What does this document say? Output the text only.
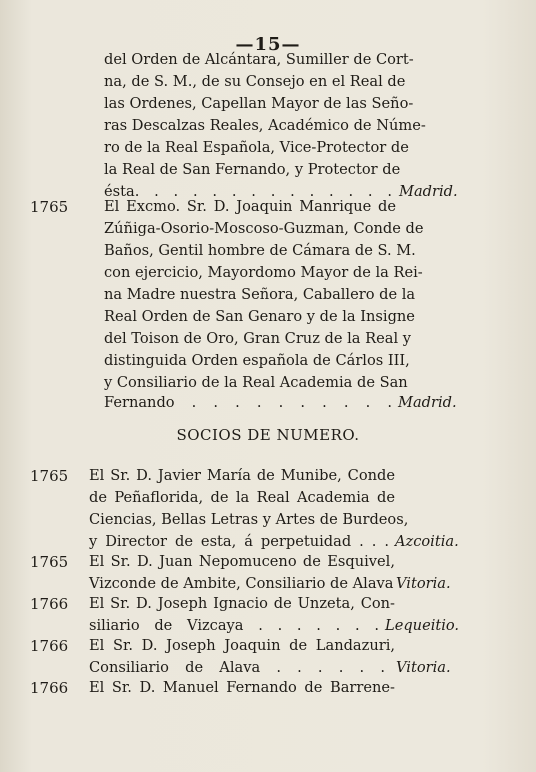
—15—
del Orden de Alcántara, Sumiller de Cort-
na, de S. M., de su Consejo en el Real de
las Ordenes, Capellan Mayor de las Seño-
ras Descalzas Reales, Académico de Núme-
ro de la Real Española, Vice-Protector de
la Real de San Fernando, y Protector de
ésta. . . . . . . . . . . . . . Madrid.
1765 El Excmo. Sr. D. Joaquin Manrique de
Zúñiga-Osorio-Moscoso-Guzman, Conde de
Baños, Gentil hombre de Cámara de S. M.
con ejercicio, Mayordomo Mayor de la Rei-
na Madre nuestra Señora, Caballero de la
Real Orden de San Genaro y de la Insigne
del Toison de Oro, Gran Cruz de la Real y
distinguida Orden española de Cárlos III,
y Consiliario de la Real Academia de San
Fernando . . . . . . . . . . Madrid.
SOCIOS DE NUMERO.
1765 El Sr. D. Javier María de Munibe, Conde
de Peñaflorida, de la Real Academia de
Ciencias, Bellas Letras y Artes de Burdeos,
y Director de esta, á perpetuidad . . . Azcoitia.
1765 El Sr. D. Juan Nepomuceno de Esquivel,
Vizconde de Ambite, Consiliario de Alava Vitoria.
1766 El Sr. D. Joseph Ignacio de Unzeta, Con-
siliario de Vizcaya . . . . . . . Lequeitio.
1766 El Sr. D. Joseph Joaquin de Landazuri,
Consiliario de Alava . . . . . . Vitoria.
1766 El Sr. D. Manuel Fernando de Barrene-
